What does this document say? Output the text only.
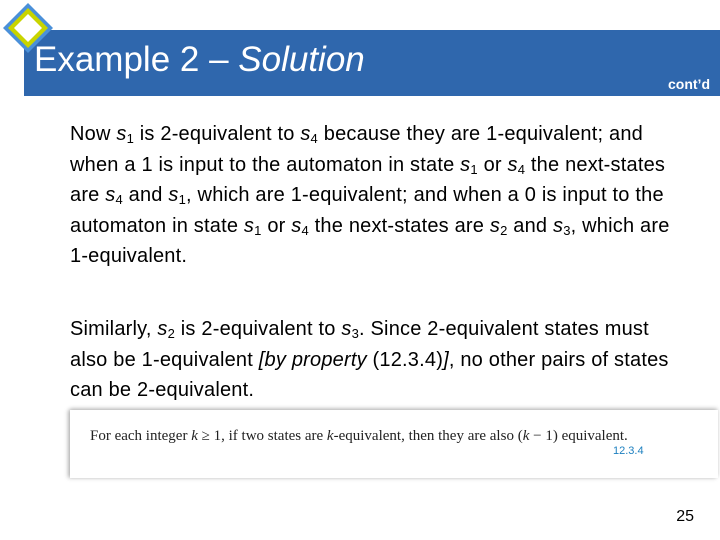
Example 2 – Solution
cont’d
Now $s_1$ is 2-equivalent to $s_4$ because they are 1-equivalent; and when a 1 is input to the automaton in state $s_1$ or $s_4$ the next-states are $s_4$ and $s_1$, which are 1-equivalent; and when a 0 is input to the automaton in state $s_1$ or $s_4$ the next-states are $s_2$ and $s_3$, which are 1-equivalent.
Similarly, $s_2$ is 2-equivalent to $s_3$. Since 2-equivalent states must also be 1-equivalent [by property (12.3.4)], no other pairs of states can be 2-equivalent.
For each integer k ≥ 1, if two states are k-equivalent, then they are also (k − 1) equivalent.
12.3.4
25
